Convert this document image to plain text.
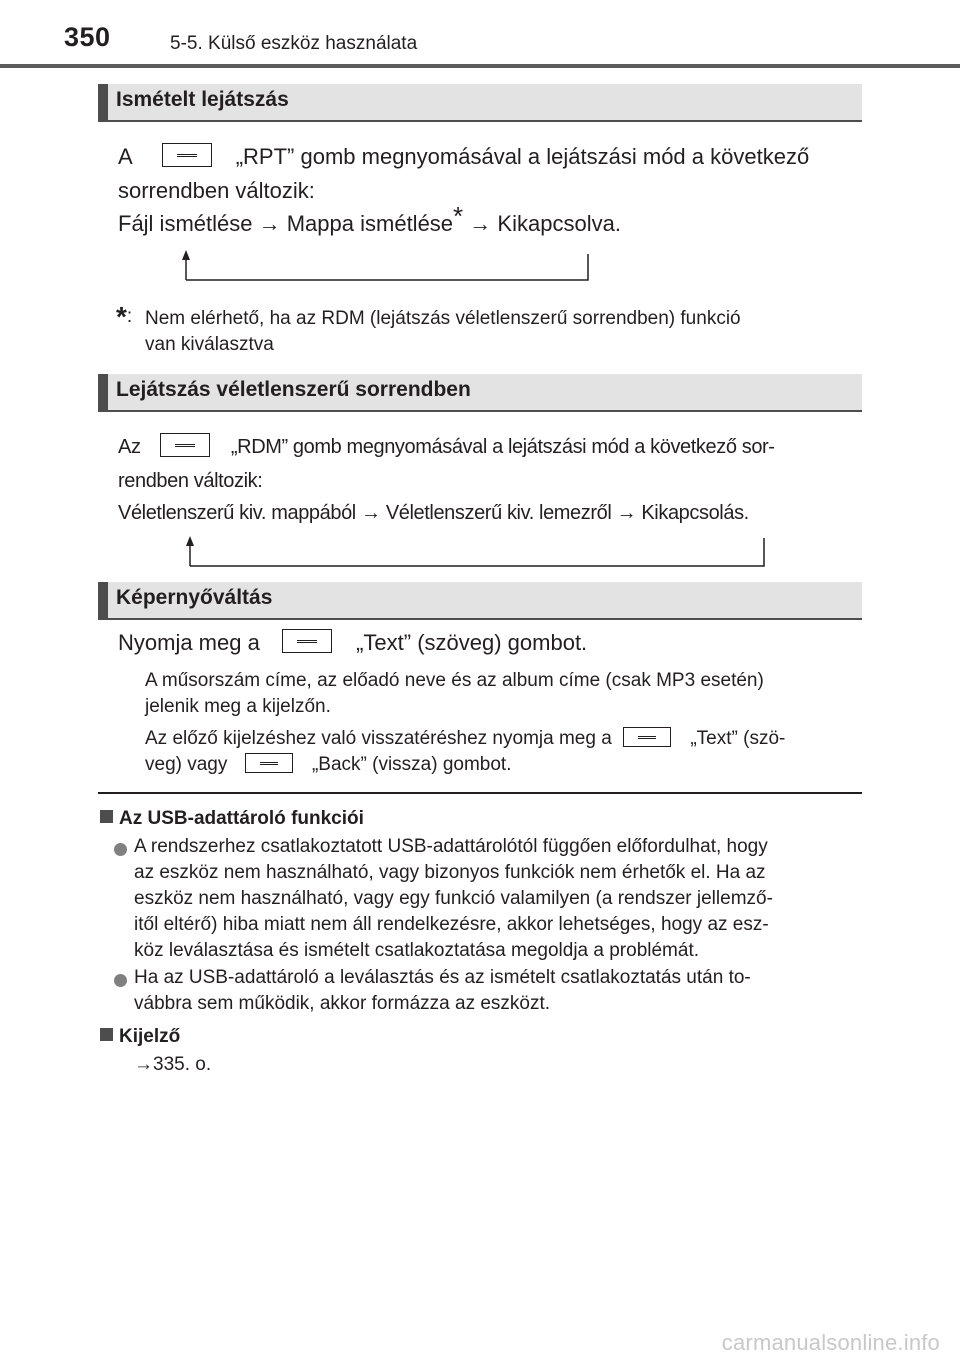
350	5-5. Külső eszköz használata
Ismételt lejátszás
A	„RPT” gomb megnyomásával a lejátszási mód a következő
sorrendben változik:
Fájl ismétlése → Mappa ismétlése* → Kikapcsolva.
*: Nem elérhető, ha az RDM (lejátszás véletlenszerű sorrendben) funkció
van kiválasztva
Lejátszás véletlenszerű sorrendben
Az	„RDM” gomb megnyomásával a lejátszási mód a következő sor-
rendben változik:
Véletlenszerű kiv. mappából → Véletlenszerű kiv. lemezről → Kikapcsolás.
Képernyőváltás
Nyomja meg a	„Text” (szöveg) gombot.
A műsorszám címe, az előadó neve és az album címe (csak MP3 esetén)
jelenik meg a kijelzőn.
Az előző kijelzéshez való visszatéréshez nyomja meg a	„Text” (szö-
veg) vagy	„Back” (vissza) gombot.
Az USB-adattároló funkciói
A rendszerhez csatlakoztatott USB-adattárolótól függően előfordulhat, hogy
az eszköz nem használható, vagy bizonyos funkciók nem érhetők el. Ha az
eszköz nem használható, vagy egy funkció valamilyen (a rendszer jellemző-
itől eltérő) hiba miatt nem áll rendelkezésre, akkor lehetséges, hogy az esz-
köz leválasztása és ismételt csatlakoztatása megoldja a problémát.
Ha az USB-adattároló a leválasztás és az ismételt csatlakoztatás után to-
vábbra sem működik, akkor formázza az eszközt.
Kijelző
→335. o.
carmanualsonline.info
